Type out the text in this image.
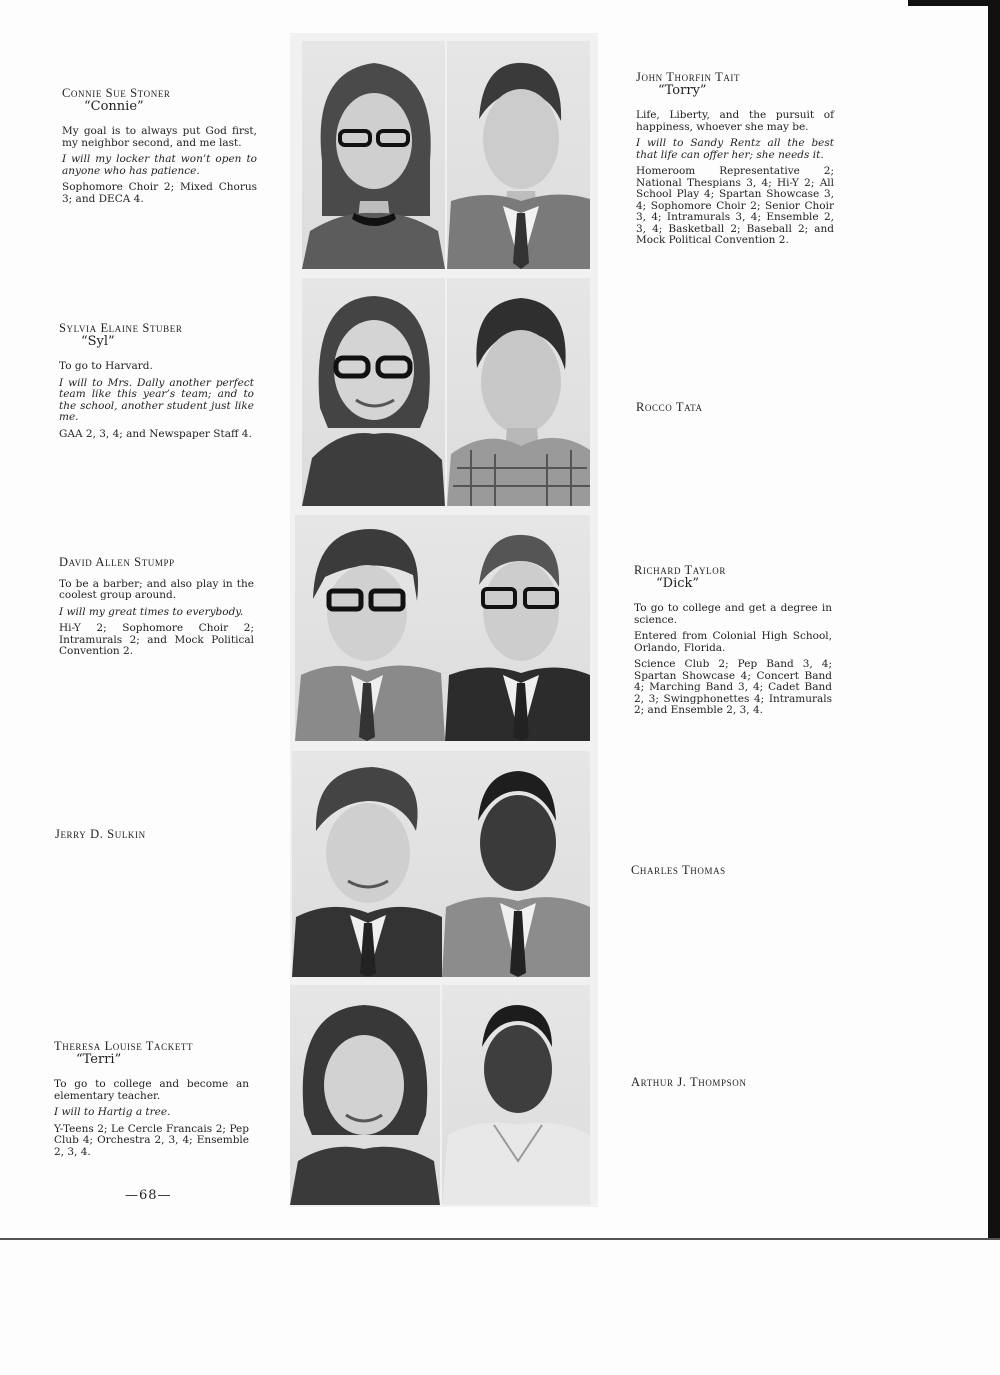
Connie Sue Stoner
“Connie”

My goal is to always put God first, my neighbor second, and me last.

I will my locker that won’t open to anyone who has patience.

Sophomore Choir 2; Mixed Chorus 3; and DECA 4.

Sylvia Elaine Stuber
“Syl”

To go to Harvard.

I will to Mrs. Dally another perfect team like this year’s team; and to the school, another student just like me.

GAA 2, 3, 4; and Newspaper Staff 4.

David Allen Stumpp

To be a barber; and also play in the coolest group around.

I will my great times to everybody.

Hi-Y 2; Sophomore Choir 2; Intramurals 2; and Mock Political Convention 2.

Jerry D. Sulkin
Theresa Louise Tackett
“Terri”

To go to college and become an elementary teacher.

I will to Hartig a tree.

Y-Teens 2; Le Cercle Francais 2; Pep Club 4; Orchestra 2, 3, 4; Ensemble 2, 3, 4.

John Thorfin Tait
“Torry”

Life, Liberty, and the pursuit of happiness, whoever she may be.

I will to Sandy Rentz all the best that life can offer her; she needs it.

Homeroom Representative 2; National Thespians 3, 4; Hi-Y 2; All School Play 4; Spartan Showcase 3, 4; Sophomore Choir 2; Senior Choir 3, 4; Intramurals 3, 4; Ensemble 2, 3, 4; Basketball 2; Baseball 2; and Mock Political Convention 2.

Rocco Tata
Richard Taylor
“Dick”

To go to college and get a degree in science.

Entered from Colonial High School, Orlando, Florida.

Science Club 2; Pep Band 3, 4; Spartan Showcase 4; Concert Band 4; Marching Band 3, 4; Cadet Band 2, 3; Swingphonettes 4; Intramurals 2; and Ensemble 2, 3, 4.

Charles Thomas
Arthur J. Thompson
—68—
